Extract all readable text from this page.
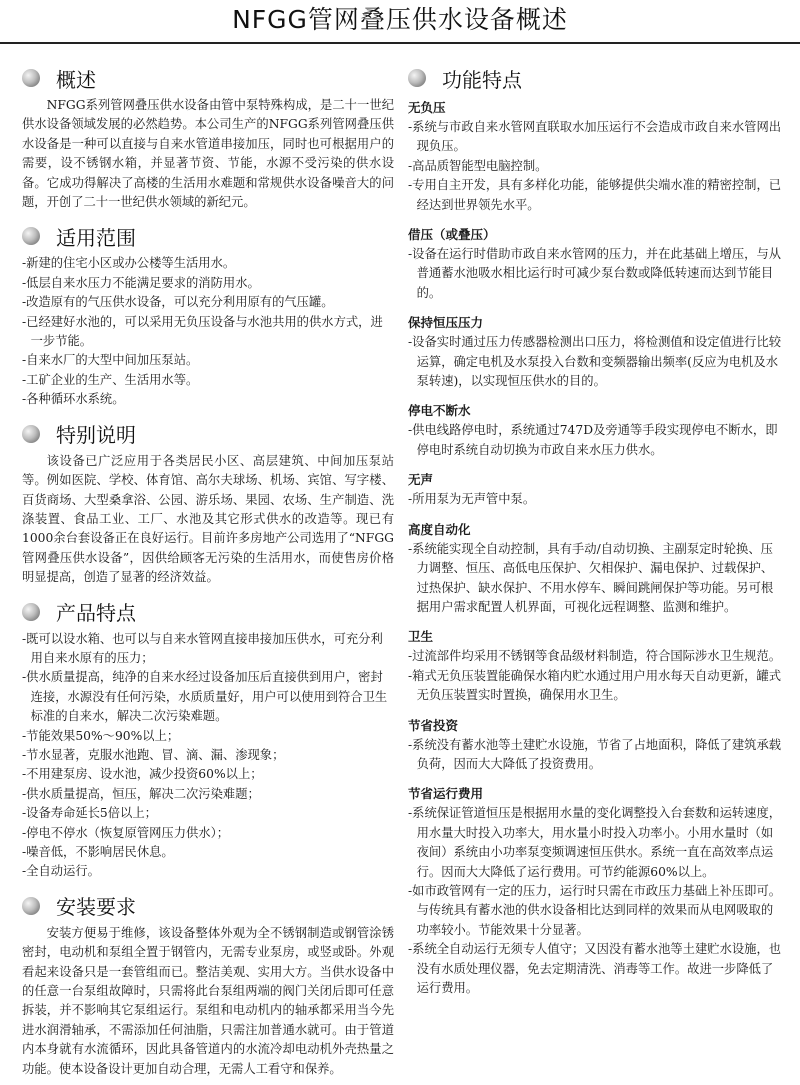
NFGG管网叠压供水设备概述
概述

NFGG系列管网叠压供水设备由管中泵特殊构成，是二十一世纪供水设备领域发展的必然趋势。本公司生产的NFGG系列管网叠压供水设备是一种可以直接与自来水管道串接加压，同时也可根据用户的需要，设不锈钢水箱，并显著节资、节能，水源不受污染的供水设备。它成功得解决了高楼的生活用水难题和常规供水设备噪音大的问题，开创了二十一世纪供水领域的新纪元。

适用范围
-新建的住宅小区或办公楼等生活用水。
-低层自来水压力不能满足要求的消防用水。
-改造原有的气压供水设备，可以充分利用原有的气压罐。
-已经建好水池的，可以采用无负压设备与水池共用的供水方式，进一步节能。
-自来水厂的大型中间加压泵站。
-工矿企业的生产、生活用水等。
-各种循环水系统。
特别说明

该设备已广泛应用于各类居民小区、高层建筑、中间加压泵站等。例如医院、学校、体育馆、高尔夫球场、机场、宾馆、写字楼、百货商场、大型桑拿浴、公园、游乐场、果园、农场、生产制造、洗涤装置、食品工业、工厂、水池及其它形式供水的改造等。现已有1000余台套设备正在良好运行。目前许多房地产公司选用了“NFGG管网叠压供水设备”，因供给顾客无污染的生活用水，而使售房价格明显提高，创造了显著的经济效益。

产品特点
-既可以设水箱、也可以与自来水管网直接串接加压供水，可充分利用自来水原有的压力；
-供水质量提高，纯净的自来水经过设备加压后直接供到用户，密封连接，水源没有任何污染，水质质量好，用户可以使用到符合卫生标准的自来水，解决二次污染难题。
-节能效果50%～90%以上；
-节水显著，克服水池跑、冒、滴、漏、渗现象；
-不用建泵房、设水池，减少投资60%以上；
-供水质量提高，恒压，解决二次污染难题；
-设备寿命延长5倍以上；
-停电不停水（恢复原管网压力供水）；
-噪音低，不影响居民休息。
-全自动运行。
安装要求

安装方便易于维修，该设备整体外观为全不锈钢制造或钢管涂锈密封，电动机和泵组全置于钢管内，无需专业泵房，或竖或卧。外观看起来设备只是一套管组而已。整洁美观、实用大方。当供水设备中的任意一台泵组故障时，只需将此台泵组两端的阀门关闭后即可任意拆装，并不影响其它泵组运行。泵组和电动机内的轴承都采用当今先进水润滑轴承，不需添加任何油脂，只需注加普通水就可。由于管道内本身就有水流循环，因此具备管道内的水流冷却电动机外壳热量之功能。使本设备设计更加自动合理，无需人工看守和保养。

功能特点
无负压
-系统与市政自来水管网直联取水加压运行不会造成市政自来水管网出现负压。
-高品质智能型电脑控制。
-专用自主开发，具有多样化功能，能够提供尖端水准的精密控制，已经达到世界领先水平。
借压（或叠压）
-设备在运行时借助市政自来水管网的压力，并在此基础上增压，与从普通蓄水池吸水相比运行时可减少泵台数或降低转速而达到节能目的。
保持恒压压力
-设备实时通过压力传感器检测出口压力，将检测值和设定值进行比较运算，确定电机及水泵投入台数和变频器输出频率(反应为电机及水泵转速)，以实现恒压供水的目的。
停电不断水
-供电线路停电时，系统通过747D及旁通等手段实现停电不断水，即停电时系统自动切换为市政自来水压力供水。
无声
-所用泵为无声管中泵。
高度自动化
-系统能实现全自动控制，具有手动/自动切换、主副泵定时轮换、压力调整、恒压、高低电压保护、欠相保护、漏电保护、过载保护、过热保护、缺水保护、不用水停车、瞬间跳闸保护等功能。另可根据用户需求配置人机界面，可视化远程调整、监测和维护。
卫生
-过流部件均采用不锈钢等食品级材料制造，符合国际涉水卫生规范。
-箱式无负压装置能确保水箱内贮水通过用户用水每天自动更新，罐式无负压装置实时置换，确保用水卫生。
节省投资
-系统没有蓄水池等土建贮水设施，节省了占地面积，降低了建筑承载负荷，因而大大降低了投资费用。
节省运行费用
-系统保证管道恒压是根据用水量的变化调整投入台套数和运转速度，用水量大时投入功率大，用水量小时投入功率小。小用水量时（如夜间）系统由小功率泵变频调速恒压供水。系统一直在高效率点运行。因而大大降低了运行费用。可节约能源60%以上。
-如市政管网有一定的压力，运行时只需在市政压力基础上补压即可。与传统具有蓄水池的供水设备相比达到同样的效果而从电网吸取的功率较小。节能效果十分显著。
-系统全自动运行无须专人值守；又因没有蓄水池等土建贮水设施，也没有水质处理仪器，免去定期清洗、消毒等工作。故进一步降低了运行费用。
